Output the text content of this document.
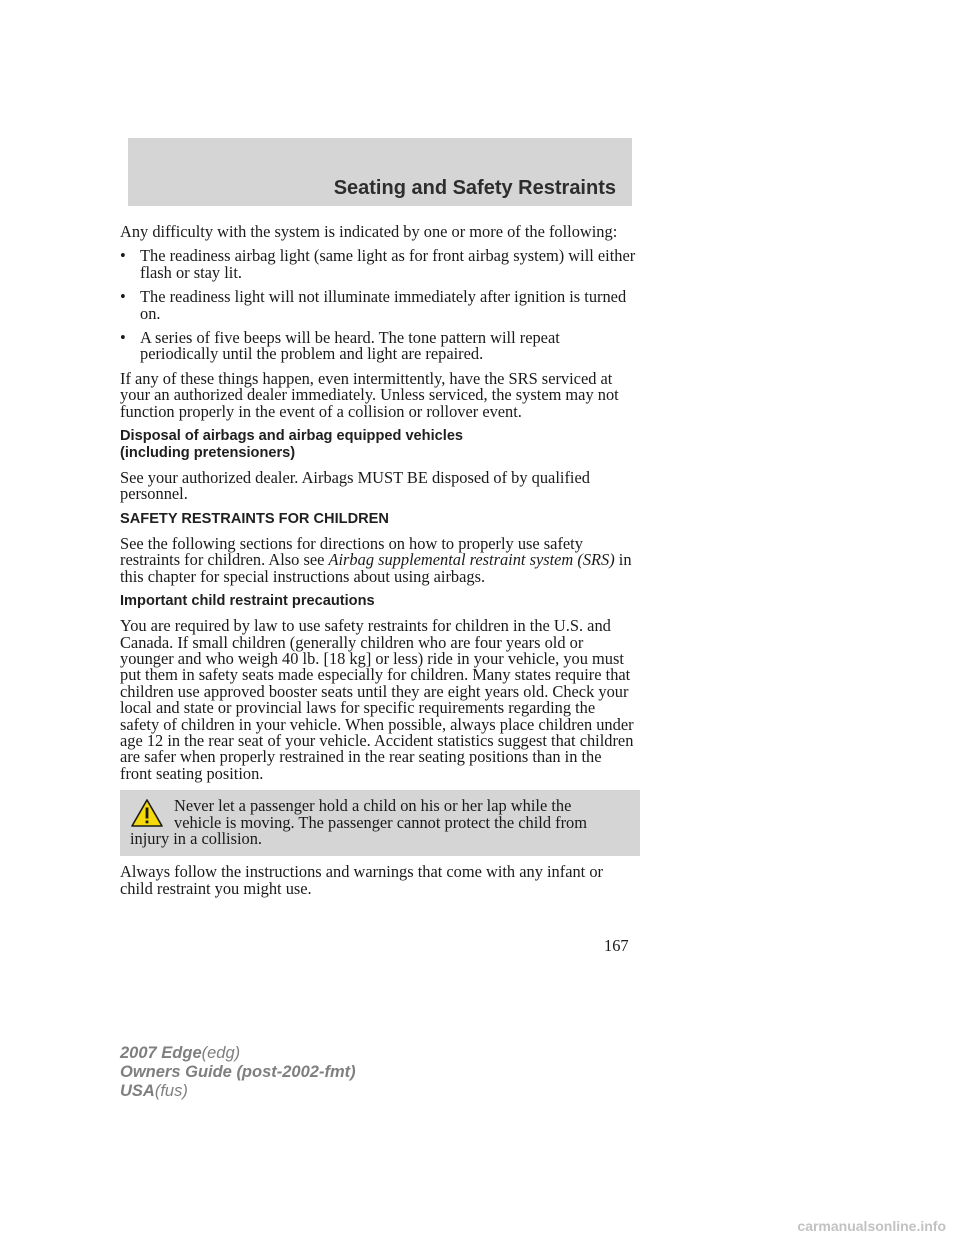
Seating and Safety Restraints

Any difficulty with the system is indicated by one or more of the following:

• The readiness airbag light (same light as for front airbag system) will either flash or stay lit.
• The readiness light will not illuminate immediately after ignition is turned on.
• A series of five beeps will be heard. The tone pattern will repeat periodically until the problem and light are repaired.

If any of these things happen, even intermittently, have the SRS serviced at your an authorized dealer immediately. Unless serviced, the system may not function properly in the event of a collision or rollover event.

Disposal of airbags and airbag equipped vehicles
(including pretensioners)

See your authorized dealer. Airbags MUST BE disposed of by qualified personnel.

SAFETY RESTRAINTS FOR CHILDREN

See the following sections for directions on how to properly use safety restraints for children. Also see Airbag supplemental restraint system (SRS) in this chapter for special instructions about using airbags.

Important child restraint precautions

You are required by law to use safety restraints for children in the U.S. and Canada. If small children (generally children who are four years old or younger and who weigh 40 lb. [18 kg] or less) ride in your vehicle, you must put them in safety seats made especially for children. Many states require that children use approved booster seats until they are eight years old. Check your local and state or provincial laws for specific requirements regarding the safety of children in your vehicle. When possible, always place children under age 12 in the rear seat of your vehicle. Accident statistics suggest that children are safer when properly restrained in the rear seating positions than in the front seating position.

Never let a passenger hold a child on his or her lap while the
vehicle is moving. The passenger cannot protect the child from
injury in a collision.

Always follow the instructions and warnings that come with any infant or child restraint you might use.

167
2007 Edge(edg)
Owners Guide (post-2002-fmt)
USA(fus)
carmanualsonline.info
